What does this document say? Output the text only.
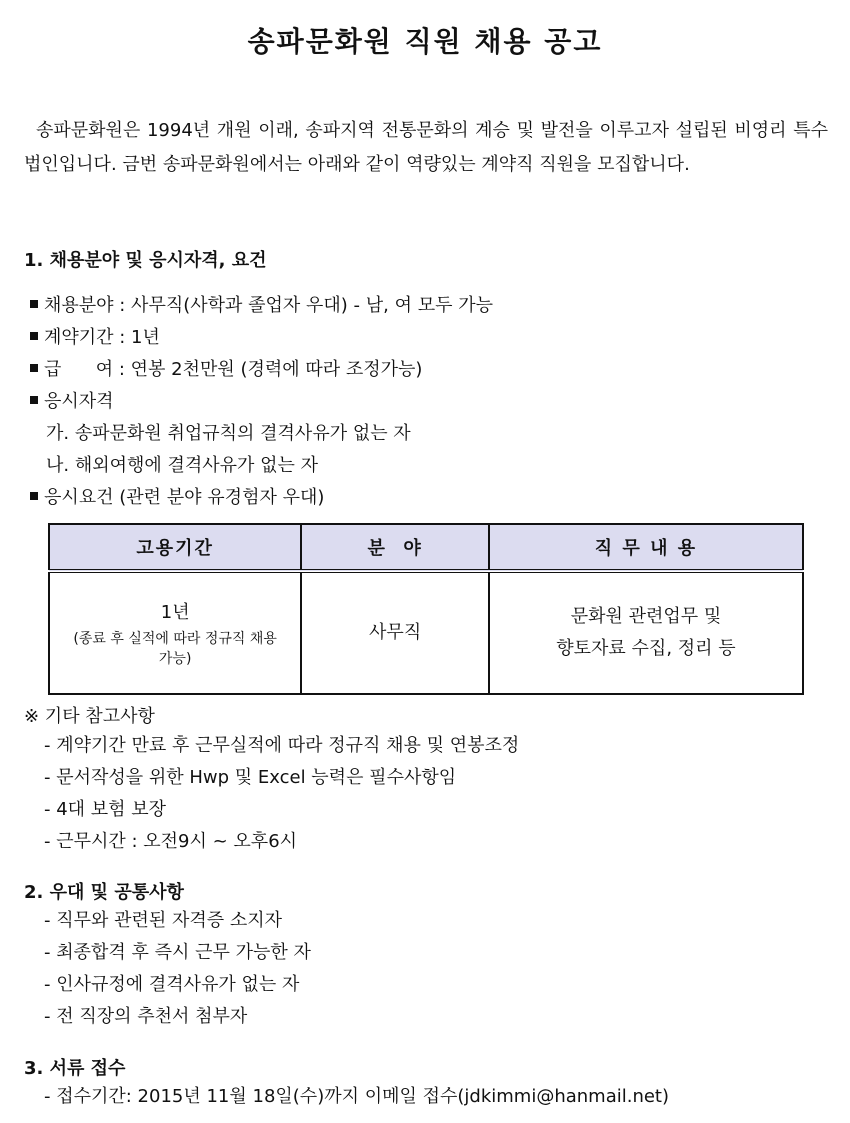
송파문화원 직원 채용 공고

송파문화원은 1994년 개원 이래, 송파지역 전통문화의 계승 및 발전을 이루고자 설립된 비영리 특수법인입니다. 금번 송파문화원에서는 아래와 같이 역량있는 계약직 직원을 모집합니다.

1. 채용분야 및 응시자격, 요건
채용분야 : 사무직(사학과 졸업자 우대) - 남, 여 모두 가능
계약기간 : 1년
급      여 : 연봉 2천만원 (경력에 따라 조정가능)
응시자격
가. 송파문화원 취업규칙의 결격사유가 없는 자
나. 해외여행에 결격사유가 없는 자
응시요건 (관련 분야 유경험자 우대)
고용기간	분  야	직 무 내 용

1년
(종료 후 실적에 따라 정규직 채용 가능)	사무직	문화원 관련업무 및
향토자료 수집, 정리 등
※ 기타 참고사항
- 계약기간 만료 후 근무실적에 따라 정규직 채용 및 연봉조정
- 문서작성을 위한 Hwp 및 Excel 능력은 필수사항임
- 4대 보험 보장
- 근무시간 : 오전9시 ~ 오후6시
2. 우대 및 공통사항
- 직무와 관련된 자격증 소지자
- 최종합격 후 즉시 근무 가능한 자
- 인사규정에 결격사유가 없는 자
- 전 직장의 추천서 첨부자
3. 서류 접수
- 접수기간: 2015년 11월 18일(수)까지 이메일 접수(jdkimmi@hanmail.net)
